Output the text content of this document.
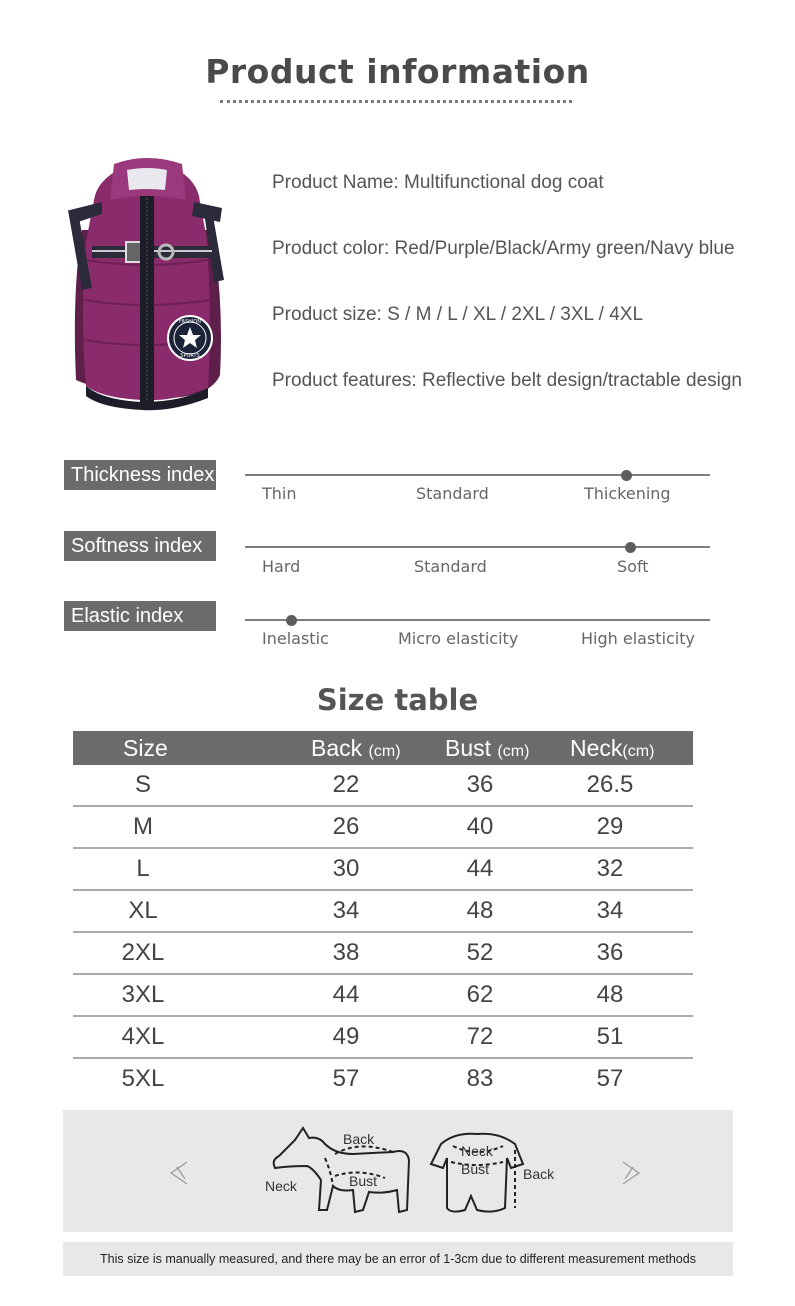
Product information
FASHION
SPORTS
Product Name: Multifunctional dog coat
Product color: Red/Purple/Black/Army green/Navy blue
Product size: S / M / L / XL / 2XL / 3XL / 4XL
Product features: Reflective belt design/tractable design
Thickness index
Thin	Standard	Thickening
Softness index
Hard	Standard	Soft
Elastic index
Inelastic	Micro elasticity	High elasticity
Size table
Size	Back (cm) Bust (cm) Neck(cm)
S	22	36	26.5
M	26	40	29
L	30	44	32
XL	34	48	34
2XL	38	52	36
3XL	44	62	48
4XL	49	72	51
5XL	57	83	57
Back
Neck	Bust
Neck
Bust Back
This size is manually measured, and there may be an error of 1-3cm due to different measurement methods
